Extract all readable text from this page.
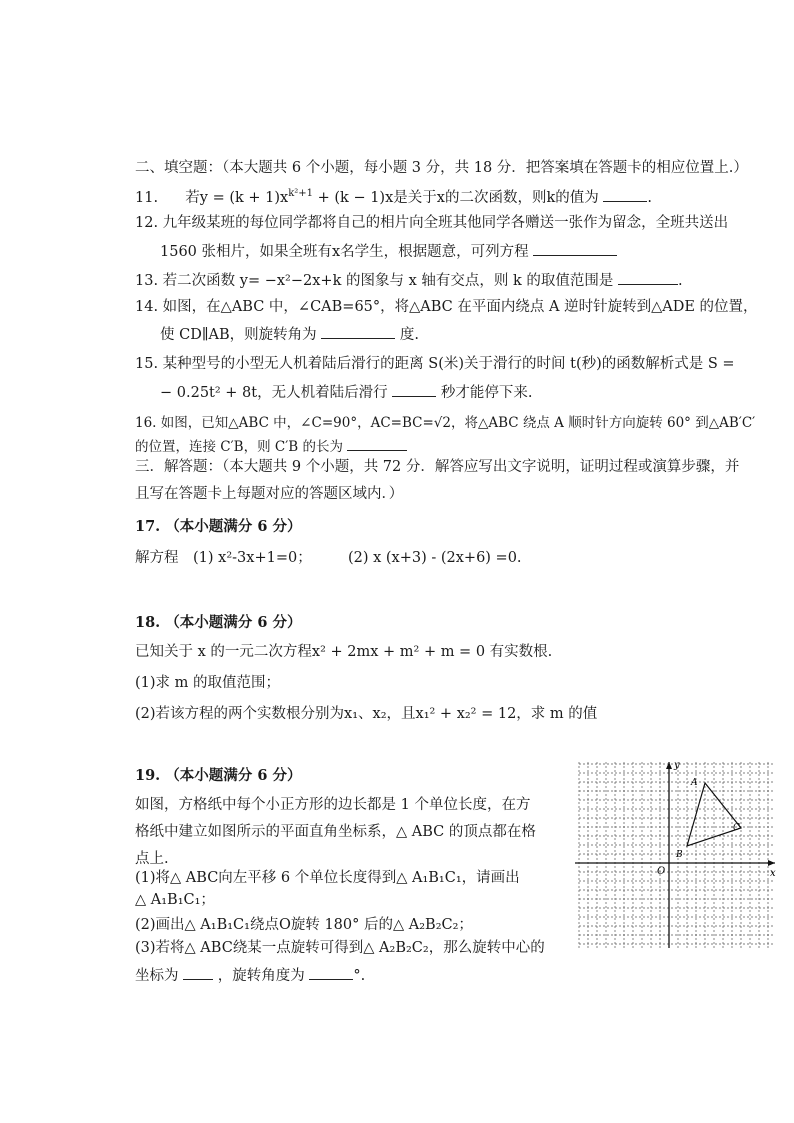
二、填空题：（本大题共 6 个小题，每小题 3 分，共 18 分．把答案填在答题卡的相应位置上.）
11. 若$y = (k + 1)x^{k^2+1} + (k - 1)x$是关于x的二次函数，则k的值为	.
12. 九年级某班的每位同学都将自己的相片向全班其他同学各赠送一张作为留念，全班共送出
1560 张相片，如果全班有x名学生，根据题意，可列方程
13. 若二次函数 y= −x²−2x+k 的图象与 x 轴有交点，则 k 的取值范围是	.
14. 如图，在△ABC 中，∠CAB=65°，将△ABC 在平面内绕点 A 逆时针旋转到△ADE 的位置，
使 CD∥AB，则旋转角为	度.
15. 某种型号的小型无人机着陆后滑行的距离 S(米)关于滑行的时间 t(秒)的函数解析式是 S =
− 0.25t² + 8t，无人机着陆后滑行	秒才能停下来.
16. 如图，已知△ABC 中，∠C=90°，AC=BC=√2，将△ABC 绕点 A 顺时针方向旋转 60° 到△AB′C′
的位置，连接 C′B，则 C′B 的长为
三．解答题：（本大题共 9 个小题，共 72 分．解答应写出文字说明，证明过程或演算步骤，并
且写在答题卡上每题对应的答题区域内．）
17. （本小题满分 6 分）
解方程　(1) x²-3x+1=0；　　　(2) x (x+3) - (2x+6) =0.
18. （本小题满分 6 分）
已知关于 x 的一元二次方程x² + 2mx + m² + m = 0 有实数根.
(1)求 m 的取值范围；
(2)若该方程的两个实数根分别为x₁、x₂，且x₁² + x₂² = 12，求 m 的值
19. （本小题满分 6 分）
如图，方格纸中每个小正方形的边长都是 1 个单位长度，在方
格纸中建立如图所示的平面直角坐标系，△ ABC 的顶点都在格
点上.
(1)将△ ABC向左平移 6 个单位长度得到△ A₁B₁C₁，请画出
△ A₁B₁C₁；
(2)画出△ A₁B₁C₁绕点O旋转 180° 后的△ A₂B₂C₂；
(3)若将△ ABC绕某一点旋转可得到△ A₂B₂C₂，那么旋转中心的
坐标为	，旋转角度为	°.
y
x
O
A
B
C
